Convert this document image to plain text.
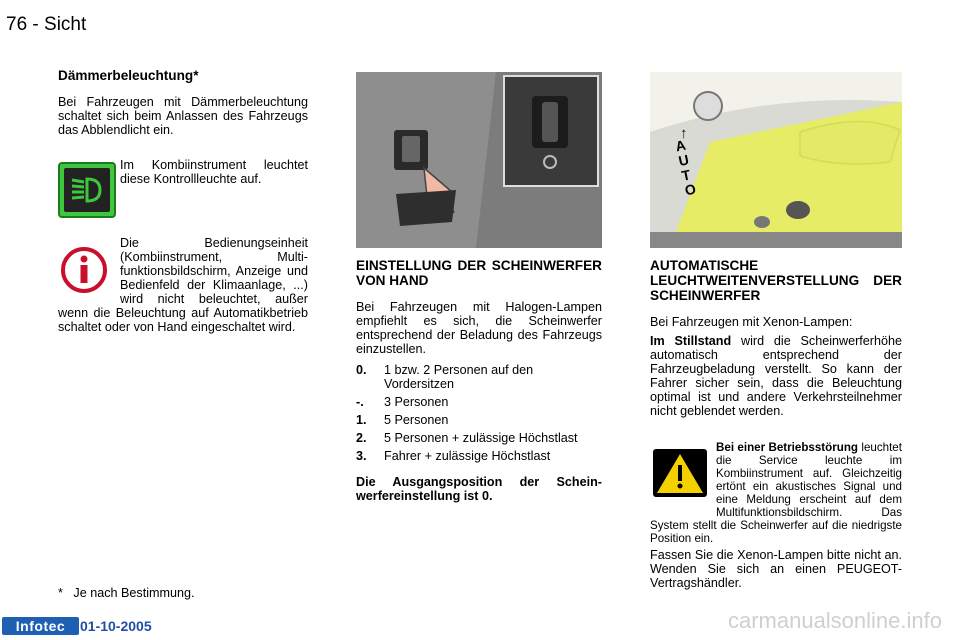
76 - Sicht
Dämmerbeleuchtung*

Bei Fahrzeugen mit Dämmerbeleuchtung schaltet sich beim Anlassen des Fahrzeugs das Abblendlicht ein.

Im Kombiinstrument leuchtet diese Kontrollleuchte auf.

Die Bedienungseinheit (Kombiinstrument, Multifunktionsbildschirm, Anzeige und Bedienfeld der Klimaanlage, ...) wird nicht beleuchtet, außer wenn die Beleuchtung auf Automatikbetrieb schaltet oder von Hand eingeschaltet wird.

* Je nach Bestimmung.
EINSTELLUNG DER SCHEINWERFER VON HAND

Bei Fahrzeugen mit Halogen-Lampen empfiehlt es sich, die Scheinwerfer entsprechend der Beladung des Fahrzeugs einzustellen.

0.	1 bzw. 2 Personen auf den Vordersitzen
-.	3 Personen
1.	5 Personen
2.	5 Personen + zulässige Höchstlast
3.	Fahrer + zulässige Höchstlast

Die Ausgangsposition der Scheinwerfereinstellung ist 0.

↑
A
U
T
O
AUTOMATISCHE LEUCHTWEITENVERSTELLUNG DER SCHEINWERFER

Bei Fahrzeugen mit Xenon-Lampen:

Im Stillstand wird die Scheinwerferhöhe automatisch entsprechend der Fahrzeugbeladung verstellt. So kann der Fahrer sicher sein, dass die Beleuchtung optimal ist und andere Verkehrsteilnehmer nicht geblendet werden.

Bei einer Betriebsstörung leuchtet die Service leuchte im Kombiinstrument auf. Gleichzeitig ertönt ein akustisches Signal und eine Meldung erscheint auf dem Multifunktionsbildschirm. Das System stellt die Scheinwerfer auf die niedrigste Position ein.
Fassen Sie die Xenon-Lampen bitte nicht an. Wenden Sie sich an einen PEUGEOT-Vertragshändler.
Infotec	01-10-2005	carmanualsonline.info
